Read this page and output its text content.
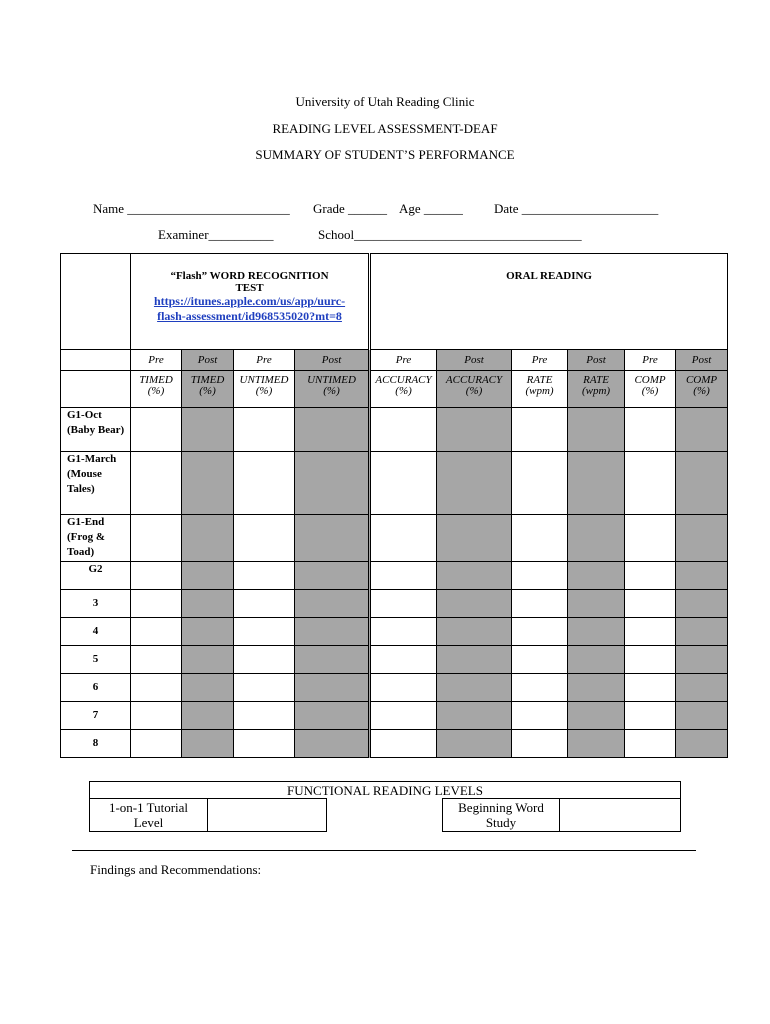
University of Utah Reading Clinic
READING LEVEL ASSESSMENT-DEAF
SUMMARY OF STUDENT’S PERFORMANCE
Name _________________________ Grade ______ Age ______ Date _____________________
Examiner__________	School___________________________________

	“Flash” WORD RECOGNITION
TEST
https://itunes.apple.com/us/app/uurc-
flash-assessment/id968535020?mt=8				ORAL READING					

	Pre	Post	Pre	Post	Pre	Post	Pre	Post	Pre	Post
	TIMED
(%)	TIMED
(%)	UNTIMED
(%)	UNTIMED
(%)	ACCURACY
(%)	ACCURACY
(%)	RATE
(wpm)	RATE
(wpm)	COMP
(%)	COMP
(%)
G1-Oct (Baby Bear)										
G1-March (Mouse Tales)										
G1-End (Frog & Toad)										
G2										
3										
4										
5										
6										
7										
8										
FUNCTIONAL READING LEVELS
1-on-1 Tutorial
Level			Beginning Word
Study	
Findings and Recommendations:
